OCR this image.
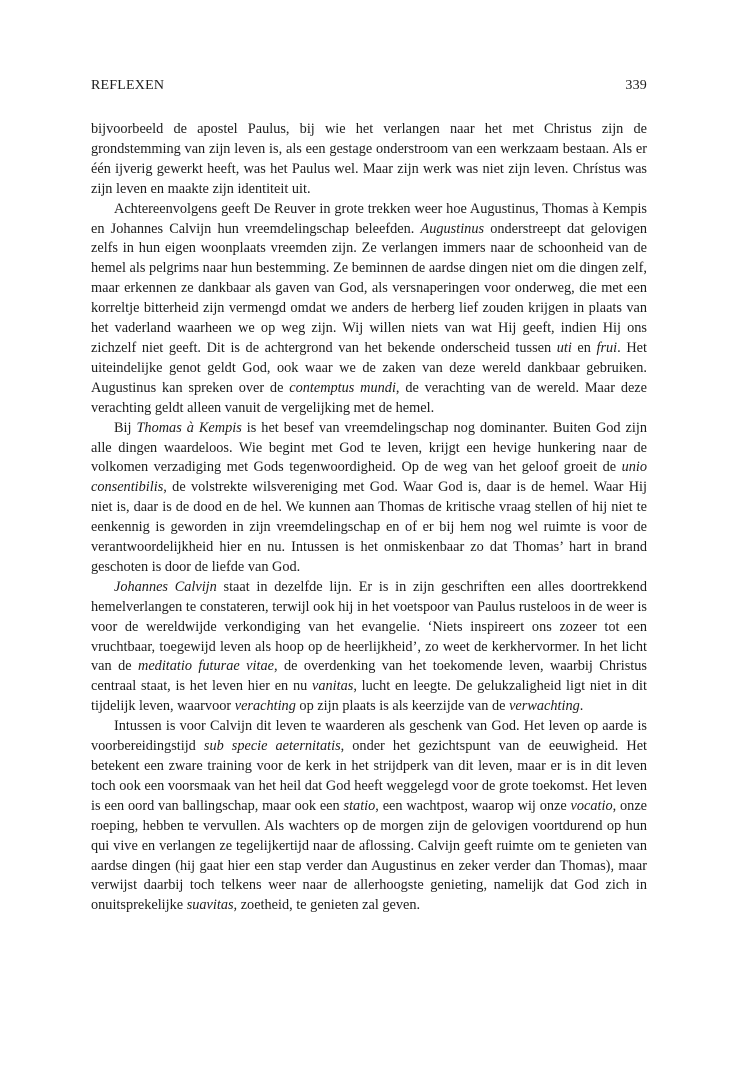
REFLEXEN	339

bijvoorbeeld de apostel Paulus, bij wie het verlangen naar het met Christus zijn de grondstemming van zijn leven is, als een gestage onderstroom van een werkzaam bestaan. Als er één ijverig gewerkt heeft, was het Paulus wel. Maar zijn werk was niet zijn leven. Chrístus was zijn leven en maakte zijn identiteit uit.

Achtereenvolgens geeft De Reuver in grote trekken weer hoe Augustinus, Thomas à Kempis en Johannes Calvijn hun vreemdelingschap beleefden. Augustinus onderstreept dat gelovigen zelfs in hun eigen woonplaats vreemden zijn. Ze verlangen immers naar de schoonheid van de hemel als pelgrims naar hun bestemming. Ze beminnen de aardse dingen niet om die dingen zelf, maar erkennen ze dankbaar als gaven van God, als versnaperingen voor onderweg, die met een korreltje bitterheid zijn vermengd omdat we anders de herberg lief zouden krijgen in plaats van het vaderland waarheen we op weg zijn. Wij willen niets van wat Hij geeft, indien Hij ons zichzelf niet geeft. Dit is de achtergrond van het bekende onderscheid tussen uti en frui. Het uiteindelijke genot geldt God, ook waar we de zaken van deze wereld dankbaar gebruiken. Augustinus kan spreken over de contemptus mundi, de verachting van de wereld. Maar deze verachting geldt alleen vanuit de vergelijking met de hemel.

Bij Thomas à Kempis is het besef van vreemdelingschap nog dominanter. Buiten God zijn alle dingen waardeloos. Wie begint met God te leven, krijgt een hevige hunkering naar de volkomen verzadiging met Gods tegenwoordigheid. Op de weg van het geloof groeit de unio consentibilis, de volstrekte wilsvereniging met God. Waar God is, daar is de hemel. Waar Hij niet is, daar is de dood en de hel. We kunnen aan Thomas de kritische vraag stellen of hij niet te eenkennig is geworden in zijn vreemdelingschap en of er bij hem nog wel ruimte is voor de verantwoordelijkheid hier en nu. Intussen is het onmiskenbaar zo dat Thomas’ hart in brand geschoten is door de liefde van God.

Johannes Calvijn staat in dezelfde lijn. Er is in zijn geschriften een alles doortrekkend hemelverlangen te constateren, terwijl ook hij in het voetspoor van Paulus rusteloos in de weer is voor de wereldwijde verkondiging van het evangelie. ‘Niets inspireert ons zozeer tot een vruchtbaar, toegewijd leven als hoop op de heerlijkheid’, zo weet de kerkhervormer. In het licht van de meditatio futurae vitae, de overdenking van het toekomende leven, waarbij Christus centraal staat, is het leven hier en nu vanitas, lucht en leegte. De gelukzaligheid ligt niet in dit tijdelijk leven, waarvoor verachting op zijn plaats is als keerzijde van de verwachting.

Intussen is voor Calvijn dit leven te waarderen als geschenk van God. Het leven op aarde is voorbereidingstijd sub specie aeternitatis, onder het gezichtspunt van de eeuwigheid. Het betekent een zware training voor de kerk in het strijdperk van dit leven, maar er is in dit leven toch ook een voorsmaak van het heil dat God heeft weggelegd voor de grote toekomst. Het leven is een oord van ballingschap, maar ook een statio, een wachtpost, waarop wij onze vocatio, onze roeping, hebben te vervullen. Als wachters op de morgen zijn de gelovigen voortdurend op hun qui vive en verlangen ze tegelijkertijd naar de aflossing. Calvijn geeft ruimte om te genieten van aardse dingen (hij gaat hier een stap verder dan Augustinus en zeker verder dan Thomas), maar verwijst daarbij toch telkens weer naar de allerhoogste genieting, namelijk dat God zich in onuitsprekelijke suavitas, zoetheid, te genieten zal geven.
